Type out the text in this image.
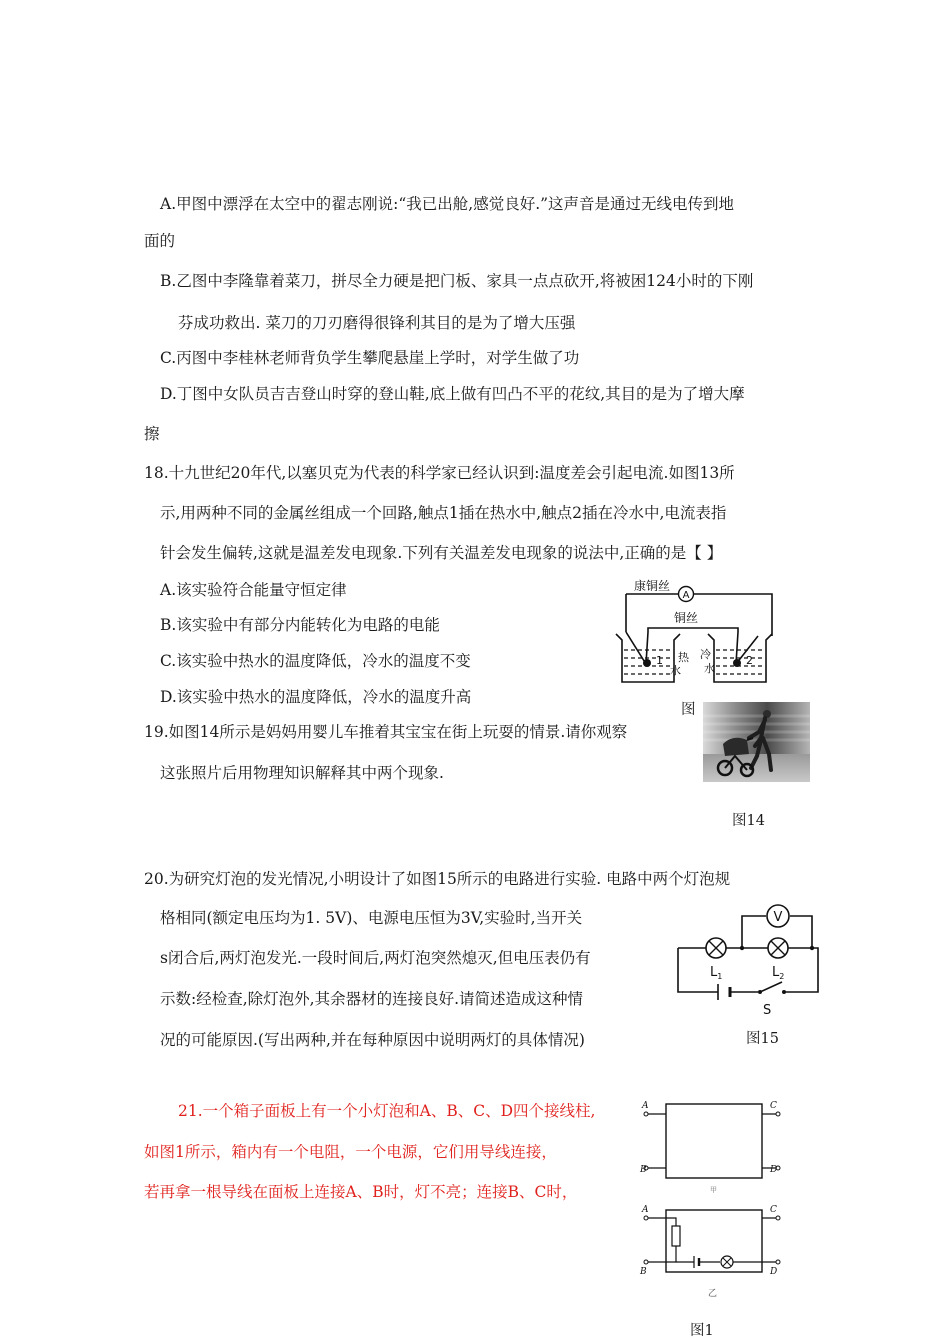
A.甲图中漂浮在太空中的翟志刚说:“我已出舱,感觉良好.”这声音是通过无线电传到地
面的
B.乙图中李隆靠着菜刀，拼尽全力硬是把门板、家具一点点砍开,将被困124小时的下刚
芬成功救出. 菜刀的刀刃磨得很锋利其目的是为了增大压强
C.丙图中李桂林老师背负学生攀爬悬崖上学时，对学生做了功
D.丁图中女队员吉吉登山时穿的登山鞋,底上做有凹凸不平的花纹,其目的是为了增大摩
擦
18.十九世纪20年代,以塞贝克为代表的科学家已经认识到:温度差会引起电流.如图13所
示,用两种不同的金属丝组成一个回路,触点1插在热水中,触点2插在冷水中,电流表指
针会发生偏转,这就是温差发电现象.下列有关温差发电现象的说法中,正确的是【 】
A.该实验符合能量守恒定律
B.该实验中有部分内能转化为电路的电能
C.该实验中热水的温度降低，冷水的温度不变
D.该实验中热水的温度降低，冷水的温度升高
A
康铜丝
铜丝
1 热
水
2
冷
水
图
19.如图14所示是妈妈用婴儿车推着其宝宝在街上玩耍的情景.请你观察
这张照片后用物理知识解释其中两个现象.
图14
20.为研究灯泡的发光情况,小明设计了如图15所示的电路进行实验. 电路中两个灯泡规
格相同(额定电压均为1. 5V)、电源电压恒为3V,实验时,当开关
s闭合后,两灯泡发光.一段时间后,两灯泡突然熄灭,但电压表仍有
示数:经检查,除灯泡外,其余器材的连接良好.请简述造成这种情
况的可能原因.(写出两种,并在每种原因中说明两灯的具体情况)
V
$L_1$	$L_2$
S
图15
21.一个箱子面板上有一个小灯泡和A、B、C、D四个接线柱,
如图1所示，箱内有一个电阻，一个电源，它们用导线连接，
若再拿一根导线在面板上连接A、B时，灯不亮；连接B、C时，
A	C
B	D
甲
A	C
B	D
乙
图1
